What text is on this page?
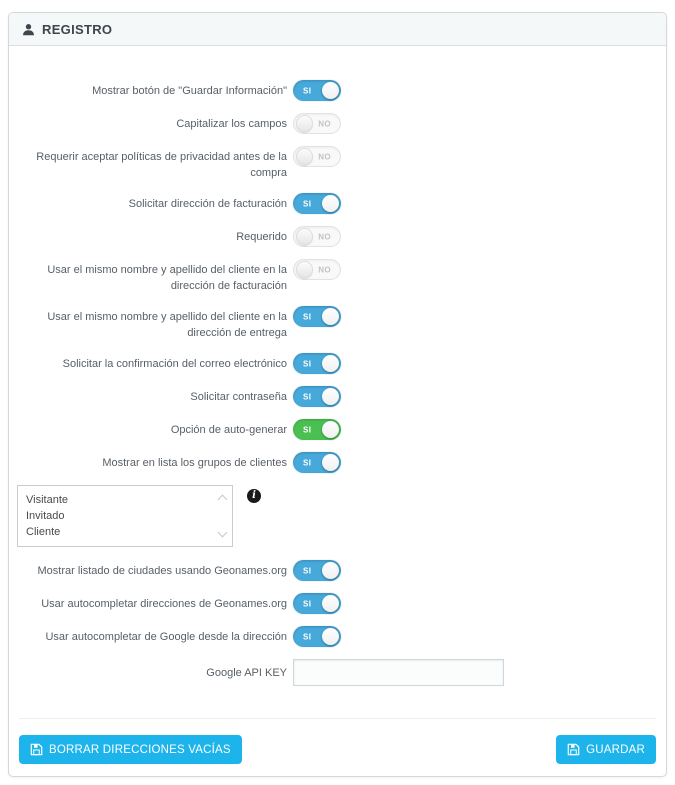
REGISTRO
Mostrar botón de "Guardar Información" SI
Capitalizar los campos	NO
Requerir aceptar políticas de privacidad antes de la compra
NO
Solicitar dirección de facturación SI
Requerido	NO
Usar el mismo nombre y apellido del cliente en la dirección de facturación
NO
Usar el mismo nombre y apellido del cliente en la dirección de entrega
SI
Solicitar la confirmación del correo electrónico SI
Solicitar contraseña SI
Opción de auto-generar SI
Mostrar en lista los grupos de clientes SI
Visitante
Invitado
Cliente
i
Mostrar listado de ciudades usando Geonames.org SI
Usar autocompletar direcciones de Geonames.org SI
Usar autocompletar de Google desde la dirección SI
Google API KEY
BORRAR DIRECCIONES VACÍAS	GUARDAR
